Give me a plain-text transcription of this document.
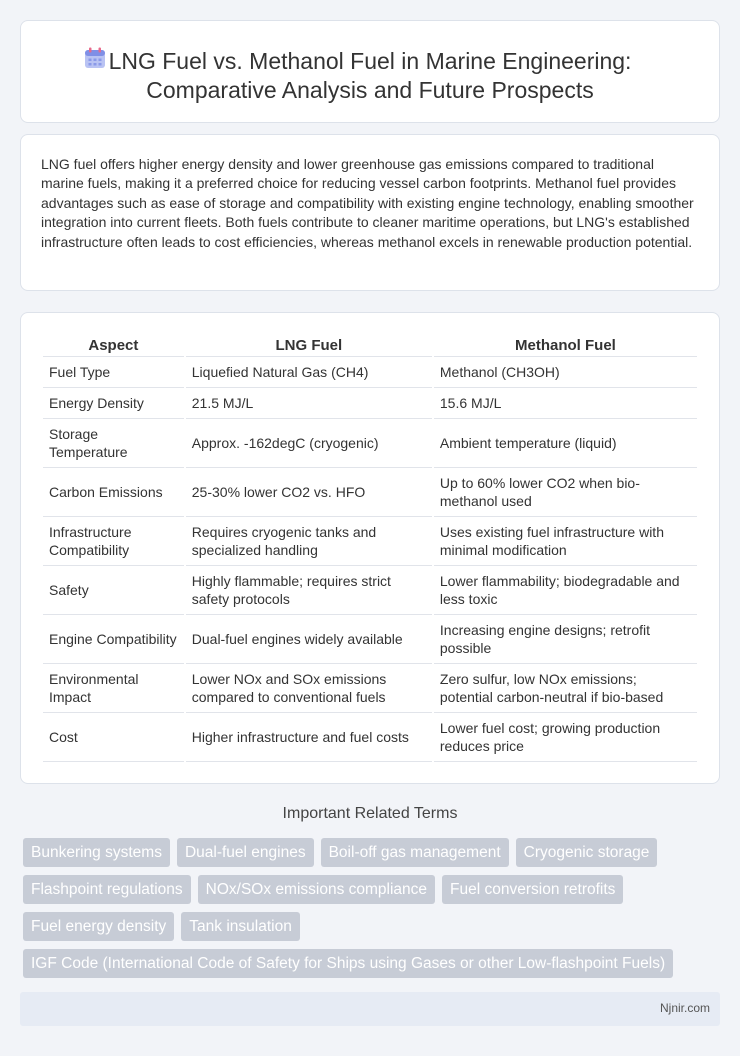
LNG Fuel vs. Methanol Fuel in Marine Engineering:
Comparative Analysis and Future Prospects

LNG fuel offers higher energy density and lower greenhouse gas emissions compared to traditional marine fuels, making it a preferred choice for reducing vessel carbon footprints. Methanol fuel provides advantages such as ease of storage and compatibility with existing engine technology, enabling smoother integration into current fleets. Both fuels contribute to cleaner maritime operations, but LNG's established infrastructure often leads to cost efficiencies, whereas methanol excels in renewable production potential.

Aspect	LNG Fuel	Methanol Fuel
Fuel Type	Liquefied Natural Gas (CH4)	Methanol (CH3OH)
Energy Density	21.5 MJ/L	15.6 MJ/L
Storage Temperature	Approx. -162degC (cryogenic)	Ambient temperature (liquid)
Carbon Emissions	25-30% lower CO2 vs. HFO	Up to 60% lower CO2 when bio-methanol used
Infrastructure Compatibility	Requires cryogenic tanks and specialized handling	Uses existing fuel infrastructure with minimal modification
Safety	Highly flammable; requires strict safety protocols	Lower flammability; biodegradable and less toxic
Engine Compatibility	Dual-fuel engines widely available	Increasing engine designs; retrofit possible
Environmental Impact	Lower NOx and SOx emissions compared to conventional fuels	Zero sulfur, low NOx emissions; potential carbon-neutral if bio-based
Cost	Higher infrastructure and fuel costs	Lower fuel cost; growing production reduces price
Important Related Terms
Bunkering systems	Dual-fuel engines	Boil-off gas management	Cryogenic storage
Flashpoint regulations	NOx/SOx emissions compliance	Fuel conversion retrofits
Fuel energy density	Tank insulation
IGF Code (International Code of Safety for Ships using Gases or other Low-flashpoint Fuels)
Njnir.com
